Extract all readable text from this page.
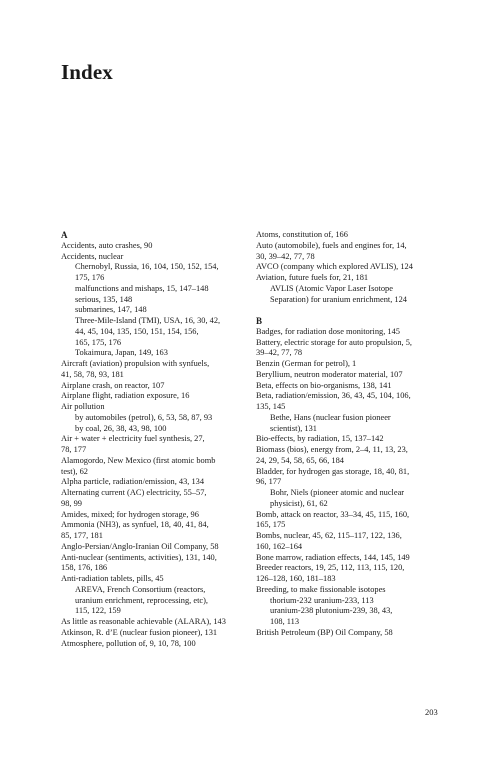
Index
A
Accidents, auto crashes, 90
Accidents, nuclear
Chernobyl, Russia, 16, 104, 150, 152, 154,
175, 176
malfunctions and mishaps, 15, 147–148
serious, 135, 148
submarines, 147, 148
Three-Mile-Island (TMI), USA, 16, 30, 42,
44, 45, 104, 135, 150, 151, 154, 156,
165, 175, 176
Tokaimura, Japan, 149, 163
Aircraft (aviation) propulsion with synfuels,
41, 58, 78, 93, 181
Airplane crash, on reactor, 107
Airplane flight, radiation exposure, 16
Air pollution
by automobiles (petrol), 6, 53, 58, 87, 93
by coal, 26, 38, 43, 98, 100
Air + water + electricity fuel synthesis, 27,
78, 177
Alamogordo, New Mexico (first atomic bomb
test), 62
Alpha particle, radiation/emission, 43, 134
Alternating current (AC) electricity, 55–57,
98, 99
Amides, mixed; for hydrogen storage, 96
Ammonia (NH3), as synfuel, 18, 40, 41, 84,
85, 177, 181
Anglo-Persian/Anglo-Iranian Oil Company, 58
Anti-nuclear (sentiments, activities), 131, 140,
158, 176, 186
Anti-radiation tablets, pills, 45
AREVA, French Consortium (reactors,
uranium enrichment, reprocessing, etc),
115, 122, 159
As little as reasonable achievable (ALARA), 143
Atkinson, R. d’E (nuclear fusion pioneer), 131
Atmosphere, pollution of, 9, 10, 78, 100
Atoms, constitution of, 166
Auto (automobile), fuels and engines for, 14,
30, 39–42, 77, 78
AVCO (company which explored AVLIS), 124
Aviation, future fuels for, 21, 181
AVLIS (Atomic Vapor Laser Isotope
Separation) for uranium enrichment, 124
B
Badges, for radiation dose monitoring, 145
Battery, electric storage for auto propulsion, 5,
39–42, 77, 78
Benzin (German for petrol), 1
Beryllium, neutron moderator material, 107
Beta, effects on bio-organisms, 138, 141
Beta, radiation/emission, 36, 43, 45, 104, 106,
135, 145
Bethe, Hans (nuclear fusion pioneer
scientist), 131
Bio-effects, by radiation, 15, 137–142
Biomass (bios), energy from, 2–4, 11, 13, 23,
24, 29, 54, 58, 65, 66, 184
Bladder, for hydrogen gas storage, 18, 40, 81,
96, 177
Bohr, Niels (pioneer atomic and nuclear
physicist), 61, 62
Bomb, attack on reactor, 33–34, 45, 115, 160,
165, 175
Bombs, nuclear, 45, 62, 115–117, 122, 136,
160, 162–164
Bone marrow, radiation effects, 144, 145, 149
Breeder reactors, 19, 25, 112, 113, 115, 120,
126–128, 160, 181–183
Breeding, to make fissionable isotopes
thorium-232 uranium-233, 113
uranium-238 plutonium-239, 38, 43,
108, 113
British Petroleum (BP) Oil Company, 58
203
